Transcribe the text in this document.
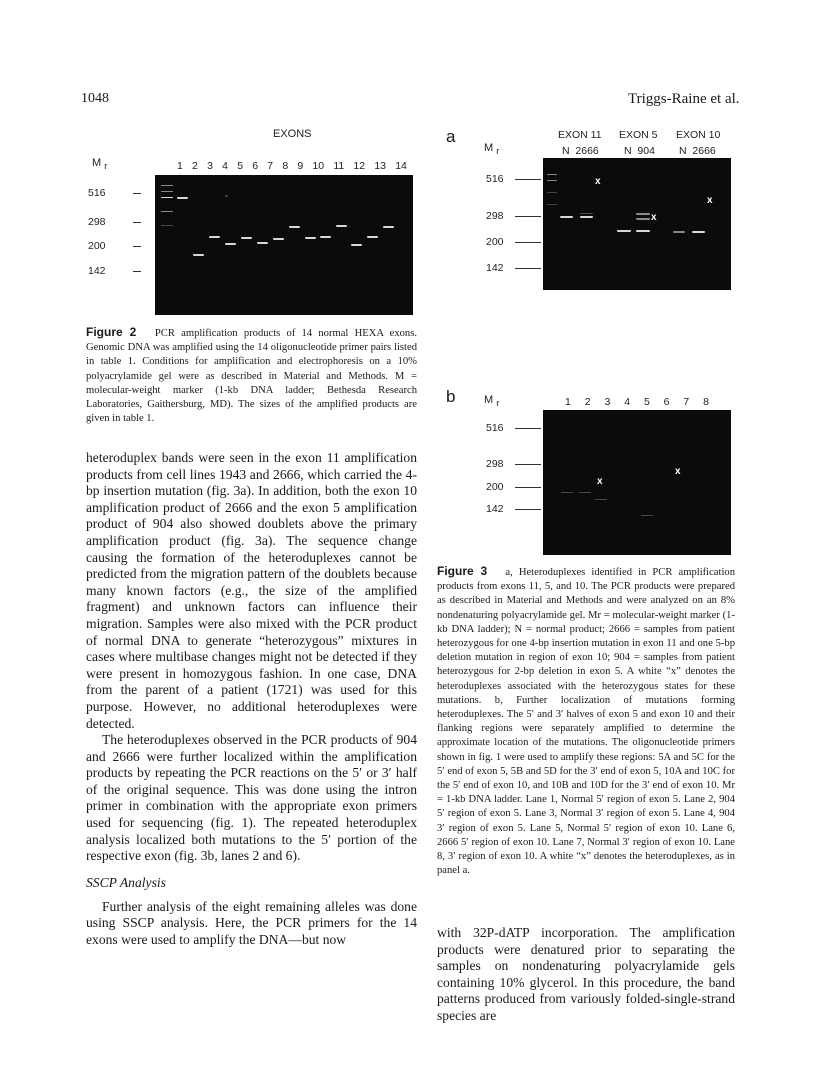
1048	Triggs-Raine et al.
EXONS
M $_r$	1 2 3 4 5 6 7 8 9 10 11 12 13 14
516
298
200
142
Figure 2 PCR amplification products of 14 normal HEXA exons. Genomic DNA was amplified using the 14 oligonucleotide primer pairs listed in table 1. Conditions for amplification and electrophoresis on a 10% polyacrylamide gel were as described in Material and Methods. M = molecular-weight marker (1-kb DNA ladder; Bethesda Research Laboratories, Gaithersburg, MD). The sizes of the amplified products are given in table 1.
a
M $_r$
EXON 11 EXON 5 EXON 10
N  2666 N  904 N  2666
516
298
200
142
x
x
x
b	M $_r$	1 2 3 4 5 6 7 8
516
298
200
142
x
x
Figure 3 a, Heteroduplexes identified in PCR amplification products from exons 11, 5, and 10. The PCR products were prepared as described in Material and Methods and were analyzed on an 8% nondenaturing polyacrylamide gel. Mr = molecular-weight marker (1-kb DNA ladder); N = normal product; 2666 = samples from patient heterozygous for one 4-bp insertion mutation in exon 11 and one 5-bp deletion mutation in region of exon 10; 904 = samples from patient heterozygous for 2-bp deletion in exon 5. A white “x” denotes the heteroduplexes associated with the heterozygous states for these mutations. b, Further localization of mutations forming heteroduplexes. The 5′ and 3′ halves of exon 5 and exon 10 and their flanking regions were separately amplified to determine the approximate location of the mutations. The oligonucleotide primers shown in fig. 1 were used to amplify these regions: 5A and 5C for the 5′ end of exon 5, 5B and 5D for the 3′ end of exon 5, 10A and 10C for the 5′ end of exon 10, and 10B and 10D for the 3′ end of exon 10. Mr = 1-kb DNA ladder. Lane 1, Normal 5′ region of exon 5. Lane 2, 904 5′ region of exon 5. Lane 3, Normal 3′ region of exon 5. Lane 4, 904 3′ region of exon 5. Lane 5, Normal 5′ region of exon 10. Lane 6, 2666 5′ region of exon 10. Lane 7, Normal 3′ region of exon 10. Lane 8, 3′ region of exon 10. A white “x” denotes the heteroduplexes, as in panel a.

heteroduplex bands were seen in the exon 11 amplification products from cell lines 1943 and 2666, which carried the 4-bp insertion mutation (fig. 3a). In addition, both the exon 10 amplification product of 2666 and the exon 5 amplification product of 904 also showed doublets above the primary amplification product (fig. 3a). The sequence change causing the formation of the heteroduplexes cannot be predicted from the migration pattern of the doublets because many known factors (e.g., the size of the amplified fragment) and unknown factors can influence their migration. Samples were also mixed with the PCR product of normal DNA to generate “heterozygous” mixtures in cases where multibase changes might not be detected if they were present in homozygous fashion. In one case, DNA from the parent of a patient (1721) was used for this purpose. However, no additional heteroduplexes were detected.

The heteroduplexes observed in the PCR products of 904 and 2666 were further localized within the amplification products by repeating the PCR reactions on the 5′ or 3′ half of the original sequence. This was done using the intron primer in combination with the appropriate exon primers used for sequencing (fig. 1). The repeated heteroduplex analysis localized both mutations to the 5′ portion of the respective exon (fig. 3b, lanes 2 and 6).

SSCP Analysis

Further analysis of the eight remaining alleles was done using SSCP analysis. Here, the PCR primers for the 14 exons were used to amplify the DNA—but now	with 32P-dATP incorporation. The amplification products were denatured prior to separating the samples on nondenaturing polyacrylamide gels containing 10% glycerol. In this procedure, the band patterns produced from variously folded-single-strand species are
